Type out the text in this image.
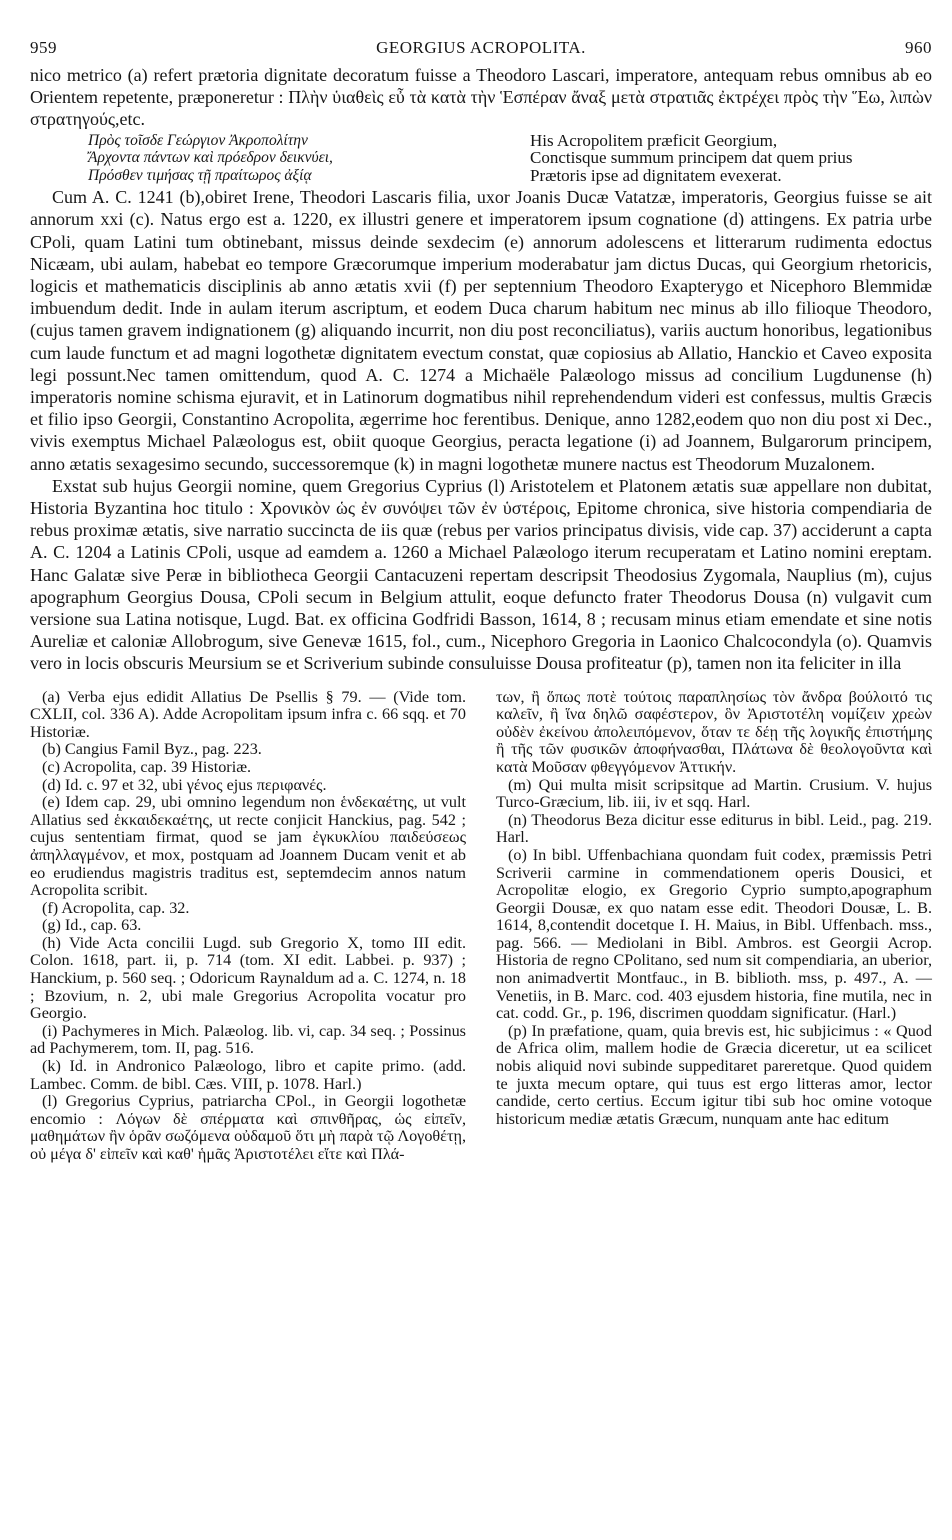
959	GEORGIUS ACROPOLITA.	960

nico metrico (a) refert prætoria dignitate decoratum fuisse a Theodoro Lascari, imperatore, antequam rebus omnibus ab eo Orientem repetente, præponeretur : Πλὴν ὑιαθεὶς εὖ τὰ κατὰ τὴν Ἑσπέραν ἄναξ μετὰ στρατιᾶς ἐκτρέχει πρὸς τὴν Ἕω, λιπὼν στρατηγούς,etc.

Πρὸς τοῖσδε Γεώργιον Ἀκροπολίτην
Ἄρχοντα πάντων καὶ πρόεδρον δεικνύει,
Πρόσθεν τιμήσας τῇ πραίτωρος ἀξίᾳ
His Acropolitem præficit Georgium,
Conctisque summum principem dat quem prius
Prætoris ipse ad dignitatem evexerat.

Cum A. C. 1241 (b),obiret Irene, Theodori Lascaris filia, uxor Joanis Ducæ Vatatzæ, imperatoris, Georgius fuisse se ait annorum xxi (c). Natus ergo est a. 1220, ex illustri genere et imperatorem ipsum cognatione (d) attingens. Ex patria urbe CPoli, quam Latini tum obtinebant, missus deinde sexdecim (e) annorum adolescens et litterarum rudimenta edoctus Nicæam, ubi aulam, habebat eo tempore Græcorumque imperium moderabatur jam dictus Ducas, qui Georgium rhetoricis, logicis et mathematicis disciplinis ab anno ætatis xvii (f) per septennium Theodoro Exapterygo et Nicephoro Blemmidæ imbuendum dedit. Inde in aulam iterum ascriptum, et eodem Duca charum habitum nec minus ab illo filioque Theodoro, (cujus tamen gravem indignationem (g) aliquando incurrit, non diu post reconciliatus), variis auctum honoribus, legationibus cum laude functum et ad magni logothetæ dignitatem evectum constat, quæ copiosius ab Allatio, Hanckio et Caveo exposita legi possunt.Nec tamen omittendum, quod A. C. 1274 a Michaële Palæologo missus ad concilium Lugdunense (h) imperatoris nomine schisma ejuravit, et in Latinorum dogmatibus nihil reprehendendum videri est confessus, multis Græcis et filio ipso Georgii, Constantino Acropolita, ægerrime hoc ferentibus. Denique, anno 1282,eodem quo non diu post xi Dec., vivis exemptus Michael Palæologus est, obiit quoque Georgius, peracta legatione (i) ad Joannem, Bulgarorum principem, anno ætatis sexagesimo secundo, successoremque (k) in magni logothetæ munere nactus est Theodorum Muzalonem.

Exstat sub hujus Georgii nomine, quem Gregorius Cyprius (l) Aristotelem et Platonem ætatis suæ appellare non dubitat, Historia Byzantina hoc titulo : Χρονικὸν ὡς ἐν συνόψει τῶν ἐν ὑστέροις, Epitome chronica, sive historia compendiaria de rebus proximæ ætatis, sive narratio succincta de iis quæ (rebus per varios principatus divisis, vide cap. 37) acciderunt a capta A. C. 1204 a Latinis CPoli, usque ad eamdem a. 1260 a Michael Palæologo iterum recuperatam et Latino nomini ereptam. Hanc Galatæ sive Peræ in bibliotheca Georgii Cantacuzeni repertam descripsit Theodosius Zygomala, Nauplius (m), cujus apographum Georgius Dousa, CPoli secum in Belgium attulit, eoque defuncto frater Theodorus Dousa (n) vulgavit cum versione sua Latina notisque, Lugd. Bat. ex officina Godfridi Basson, 1614, 8 ; recusam minus etiam emendate et sine notis Aureliæ et caloniæ Allobrogum, sive Genevæ 1615, fol., cum., Nicephoro Gregoria in Laonico Chalcocondyla (o). Quamvis vero in locis obscuris Meursium se et Scriverium subinde consuluisse Dousa profiteatur (p), tamen non ita feliciter in illa

(a) Verba ejus edidit Allatius De Psellis § 79. — (Vide tom. CXLII, col. 336 A). Adde Acropolitam ipsum infra c. 66 sqq. et 70 Historiæ.

(b) Cangius Famil Byz., pag. 223.

(c) Acropolita, cap. 39 Historiæ.

(d) Id. c. 97 et 32, ubi γένος ejus περιφανές.

(e) Idem cap. 29, ubi omnino legendum non ἑνδεκαέτης, ut vult Allatius sed ἑκκαιδεκαέτης, ut recte conjicit Hanckius, pag. 542 ; cujus sententiam firmat, quod se jam ἐγκυκλίου παιδεύσεως ἀπηλλαγμένον, et mox, postquam ad Joannem Ducam venit et ab eo erudiendus magistris traditus est, septemdecim annos natum Acropolita scribit.

(f) Acropolita, cap. 32.

(g) Id., cap. 63.

(h) Vide Acta concilii Lugd. sub Gregorio X, tomo III edit. Colon. 1618, part. ii, p. 714 (tom. XI edit. Labbei. p. 937) ; Hanckium, p. 560 seq. ; Odoricum Raynaldum ad a. C. 1274, n. 18 ; Bzovium, n. 2, ubi male Gregorius Acropolita vocatur pro Georgio.

(i) Pachymeres in Mich. Palæolog. lib. vi, cap. 34 seq. ; Possinus ad Pachymerem, tom. II, pag. 516.

(k) Id. in Andronico Palæologo, libro et capite primo. (add. Lambec. Comm. de bibl. Cæs. VIII, p. 1078. Harl.)

(l) Gregorius Cyprius, patriarcha CPol., in Georgii logothetæ encomio : Λόγων δὲ σπέρματα καὶ σπινθῆρας, ὡς εἰπεῖν, μαθημάτων ἢν ὁρᾶν σωζόμενα οὐδαμοῦ ὅτι μὴ παρὰ τῷ Λογοθέτῃ, οὐ μέγα δ' εἰπεῖν καὶ καθ' ἡμᾶς Ἀριστοτέλει εἴτε καὶ Πλά-

των, ἢ ὅπως ποτὲ τούτοις παραπλησίως τὸν ἄνδρα βούλοιτό τις καλεῖν, ἢ ἵνα δηλῶ σαφέστερον, ὃν Ἀριστοτέλη νομίζειν χρεὼν οὐδὲν ἐκείνου ἀπολειπόμενον, ὅταν τε δέῃ τῆς λογικῆς ἐπιστήμης ἢ τῆς τῶν φυσικῶν ἀποφήνασθαι, Πλάτωνα δὲ θεολογοῦντα καὶ κατὰ Μοῦσαν φθεγγόμενον Ἀττικήν.

(m) Qui multa misit scripsitque ad Martin. Crusium. V. hujus Turco-Græcium, lib. iii, iv et sqq. Harl.

(n) Theodorus Beza dicitur esse editurus in bibl. Leid., pag. 219. Harl.

(o) In bibl. Uffenbachiana quondam fuit codex, præmissis Petri Scriverii carmine in commendationem operis Dousici, et Acropolitæ elogio, ex Gregorio Cyprio sumpto,apographum Georgii Dousæ, ex quo natam esse edit. Theodori Dousæ, L. B. 1614, 8,contendit docetque I. H. Maius, in Bibl. Uffenbach. mss., pag. 566. — Mediolani in Bibl. Ambros. est Georgii Acrop. Historia de regno CPolitano, sed num sit compendiaria, an uberior, non animadvertit Montfauc., in B. biblioth. mss, p. 497., A. — Venetiis, in B. Marc. cod. 403 ejusdem historia, fine mutila, nec in cat. codd. Gr., p. 196, discrimen quoddam significatur. (Harl.)

(p) In præfatione, quam, quia brevis est, hic subjicimus : « Quod de Africa olim, mallem hodie de Græcia diceretur, ut ea scilicet nobis aliquid novi subinde suppeditaret pareretque. Quod quidem te juxta mecum optare, qui tuus est ergo litteras amor, lector candide, certo certius. Eccum igitur tibi sub hoc omine votoque historicum mediæ ætatis Græcum, nunquam ante hac editum
